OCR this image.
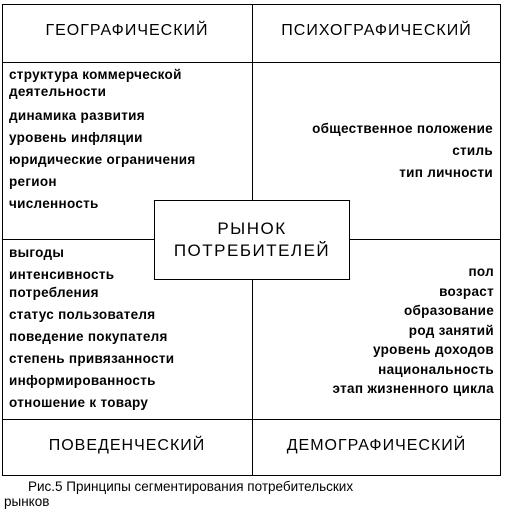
ГЕОГРАФИЧЕСКИЙ	ПСИХОГРАФИЧЕСКИЙ
ПОВЕДЕНЧЕСКИЙ	ДЕМОГРАФИЧЕСКИЙ
структура коммерческой
деятельности
динамика развития
уровень инфляции
юридические ограничения
регион
численность
общественное положение
стиль
тип личности
выгоды
интенсивность
потребления
статус пользователя
поведение покупателя
степень привязанности
информированность
отношение к товару
пол
возраст
образование
род занятий
уровень доходов
национальность
этап жизненного цикла
РЫНОК
ПОТРЕБИТЕЛЕЙ
Рис.5 Принципы сегментирования потребительских
рынков
